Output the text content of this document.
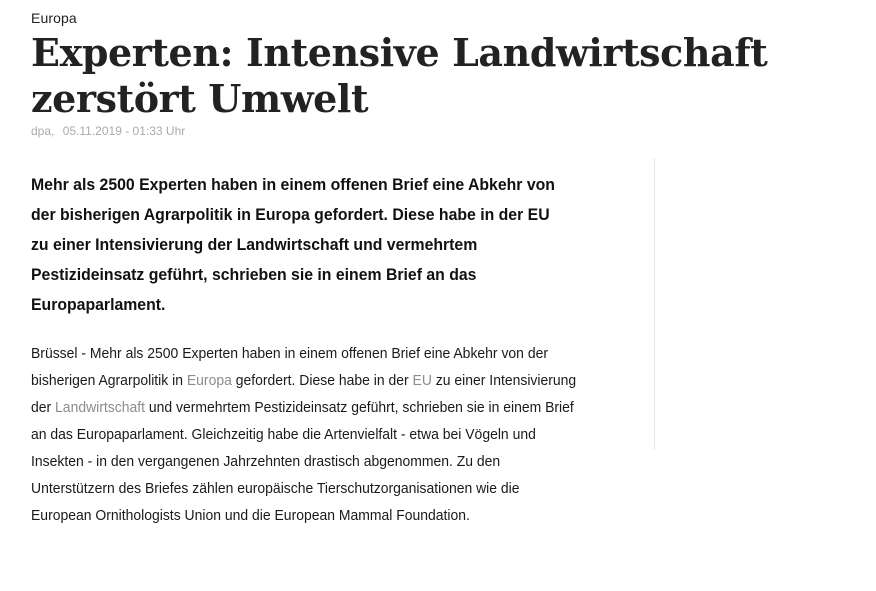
Europa
Experten: Intensive Landwirtschaft zerstört Umwelt
dpa, 05.11.2019 - 01:33 Uhr

Mehr als 2500 Experten haben in einem offenen Brief eine Abkehr von der bisherigen Agrarpolitik in Europa gefordert. Diese habe in der EU zu einer Intensivierung der Landwirtschaft und vermehrtem Pestizideinsatz geführt, schrieben sie in einem Brief an das Europaparlament.

Brüssel - Mehr als 2500 Experten haben in einem offenen Brief eine Abkehr von der bisherigen Agrarpolitik in Europa gefordert. Diese habe in der EU zu einer Intensivierung der Landwirtschaft und vermehrtem Pestizideinsatz geführt, schrieben sie in einem Brief an das Europaparlament. Gleichzeitig habe die Artenvielfalt - etwa bei Vögeln und Insekten - in den vergangenen Jahrzehnten drastisch abgenommen. Zu den Unterstützern des Briefes zählen europäische Tierschutzorganisationen wie die European Ornithologists Union und die European Mammal Foundation.
